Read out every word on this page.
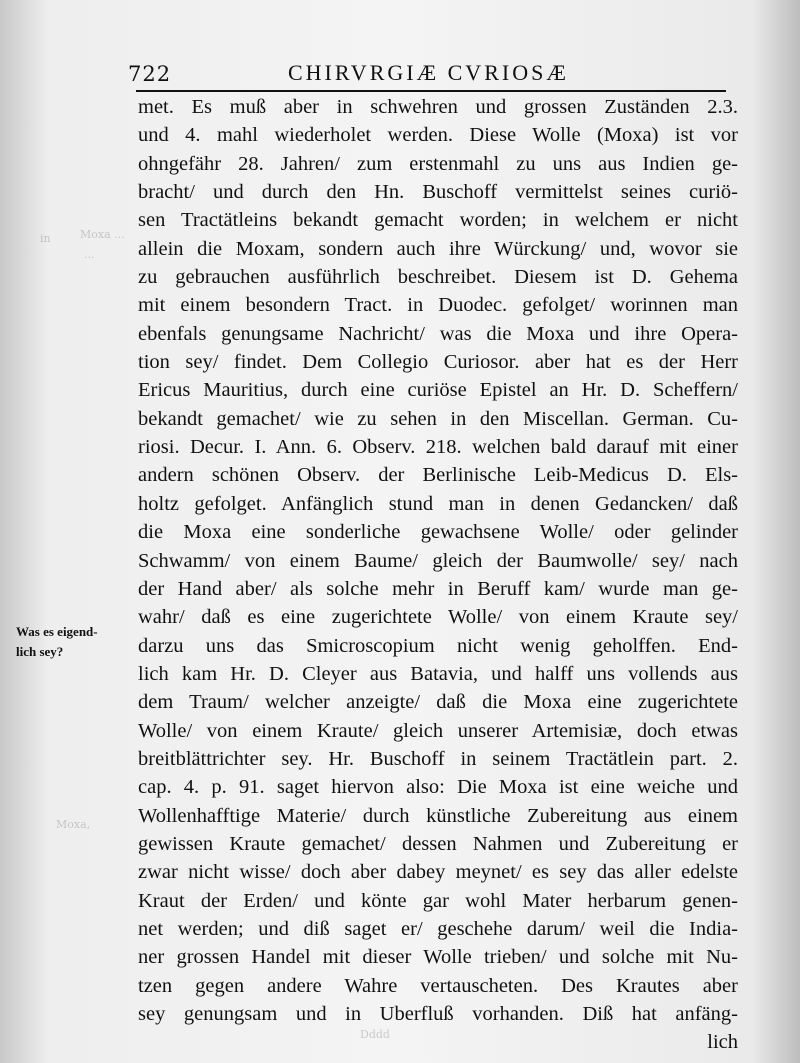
in
Moxa,
Moxa ...
...
Dddd
722	CHIRVRGIÆ CVRIOSÆ
Was es eigend-
lich sey?
met. Es muß aber in schwehren und grossen Zuständen 2.3.
und 4. mahl wiederholet werden. Diese Wolle (Moxa) ist vor
ohngefähr 28. Jahren/ zum erstenmahl zu uns aus Indien ge-
bracht/ und durch den Hn. Buschoff vermittelst seines curiö-
sen Tractätleins bekandt gemacht worden; in welchem er nicht
allein die Moxam, sondern auch ihre Würckung/ und, wovor sie
zu gebrauchen ausführlich beschreibet. Diesem ist D. Gehema
mit einem besondern Tract. in Duodec. gefolget/ worinnen man
ebenfals genungsame Nachricht/ was die Moxa und ihre Opera-
tion sey/ findet. Dem Collegio Curiosor. aber hat es der Herr
Ericus Mauritius, durch eine curiöse Epistel an Hr. D. Scheffern/
bekandt gemachet/ wie zu sehen in den Miscellan. German. Cu-
riosi. Decur. I. Ann. 6. Observ. 218. welchen bald darauf mit einer
andern schönen Observ. der Berlinische Leib-Medicus D. Els-
holtz gefolget. Anfänglich stund man in denen Gedancken/ daß
die Moxa eine sonderliche gewachsene Wolle/ oder gelinder
Schwamm/ von einem Baume/ gleich der Baumwolle/ sey/ nach
der Hand aber/ als solche mehr in Beruff kam/ wurde man ge-
wahr/ daß es eine zugerichtete Wolle/ von einem Kraute sey/
darzu uns das Smicroscopium nicht wenig geholffen. End-
lich kam Hr. D. Cleyer aus Batavia, und halff uns vollends aus
dem Traum/ welcher anzeigte/ daß die Moxa eine zugerichtete
Wolle/ von einem Kraute/ gleich unserer Artemisiæ, doch etwas
breitblättrichter sey. Hr. Buschoff in seinem Tractätlein part. 2.
cap. 4. p. 91. saget hiervon also: Die Moxa ist eine weiche und
Wollenhafftige Materie/ durch künstliche Zubereitung aus einem
gewissen Kraute gemachet/ dessen Nahmen und Zubereitung er
zwar nicht wisse/ doch aber dabey meynet/ es sey das aller edelste
Kraut der Erden/ und könte gar wohl Mater herbarum genen-
net werden; und diß saget er/ geschehe darum/ weil die India-
ner grossen Handel mit dieser Wolle trieben/ und solche mit Nu-
tzen gegen andere Wahre vertauscheten. Des Krautes aber
sey genungsam und in Uberfluß vorhanden. Diß hat anfäng-
lich
